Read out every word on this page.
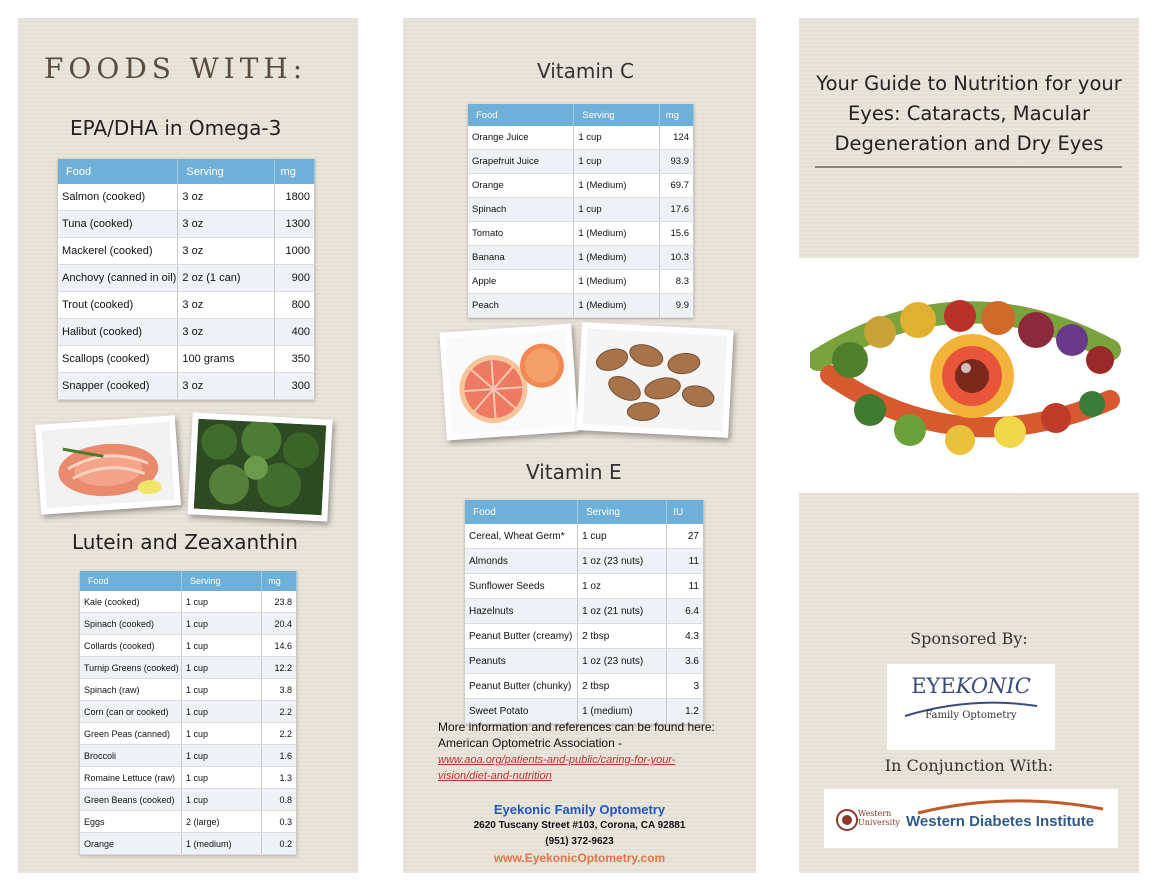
FOODS WITH:
EPA/DHA in Omega-3
Food	Serving	mg
Salmon (cooked)	3 oz	1800
Tuna (cooked)	3 oz	1300
Mackerel (cooked)	3 oz	1000
Anchovy (canned in oil)	2 oz (1 can)	900
Trout (cooked)	3 oz	800
Halibut (cooked)	3 oz	400
Scallops (cooked)	100 grams	350
Snapper (cooked)	3 oz	300
Lutein and Zeaxanthin
Food	Serving	mg
Kale (cooked)	1 cup	23.8
Spinach (cooked)	1 cup	20.4
Collards (cooked)	1 cup	14.6
Turnip Greens (cooked)	1 cup	12.2
Spinach (raw)	1 cup	3.8
Corn (can or cooked)	1 cup	2.2
Green Peas (canned)	1 cup	2.2
Broccoli	1 cup	1.6
Romaine Lettuce (raw)	1 cup	1.3
Green Beans (cooked)	1 cup	0.8
Eggs	2 (large)	0.3
Orange	1 (medium)	0.2
Vitamin C
Food	Serving	mg
Orange Juice	1 cup	124
Grapefruit Juice	1 cup	93.9
Orange	1 (Medium)	69.7
Spinach	1 cup	17.6
Tomato	1 (Medium)	15.6
Banana	1 (Medium)	10.3
Apple	1 (Medium)	8.3
Peach	1 (Medium)	9.9
Vitamin E
Food	Serving	IU
Cereal, Wheat Germ*	1 cup	27
Almonds	1 oz (23 nuts)	11
Sunflower Seeds	1 oz	11
Hazelnuts	1 oz (21 nuts)	6.4
Peanut Butter (creamy)	2 tbsp	4.3
Peanuts	1 oz (23 nuts)	3.6
Peanut Butter (chunky)	2 tbsp	3
Sweet Potato	1 (medium)	1.2
More information and references can be found here: American Optometric Association -
www.aoa.org/patients-and-public/caring-for-your-
vision/diet-and-nutrition
Eyekonic Family Optometry
2620 Tuscany Street #103, Corona, CA 92881
(951) 372-9623
www.EyekonicOptometry.com
Your Guide to Nutrition for your Eyes: Cataracts, Macular Degeneration and Dry Eyes
Sponsored By:
EYEKONIC
Family Optometry
In Conjunction With:
Western
University Western Diabetes Institute
